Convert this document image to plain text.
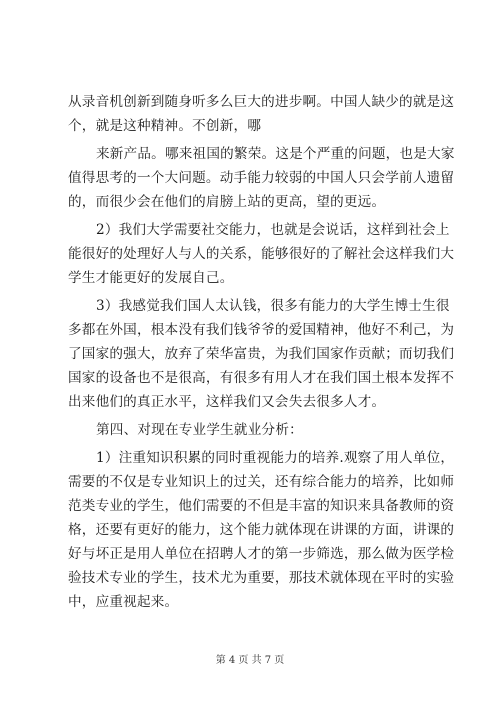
从录音机创新到随身听多么巨大的进步啊。中国人缺少的就是这
个，就是这种精神。不创新，哪
来新产品。哪来祖国的繁荣。这是个严重的问题，也是大家
值得思考的一个大问题。动手能力较弱的中国人只会学前人遗留
的，而很少会在他们的肩膀上站的更高，望的更远。
2）我们大学需要社交能力，也就是会说话，这样到社会上
能很好的处理好人与人的关系，能够很好的了解社会这样我们大
学生才能更好的发展自己。
3）我感觉我们国人太认钱，很多有能力的大学生博士生很
多都在外国，根本没有我们钱爷爷的爱国精神，他好不利己，为
了国家的强大，放弃了荣华富贵，为我们国家作贡献；而切我们
国家的设备也不是很高，有很多有用人才在我们国土根本发挥不
出来他们的真正水平，这样我们又会失去很多人才。
第四、对现在专业学生就业分析：
1）注重知识积累的同时重视能力的培养.观察了用人单位，
需要的不仅是专业知识上的过关，还有综合能力的培养，比如师
范类专业的学生，他们需要的不但是丰富的知识来具备教师的资
格，还要有更好的能力，这个能力就体现在讲课的方面，讲课的
好与坏正是用人单位在招聘人才的第一步筛选，那么做为医学检
验技术专业的学生，技术尤为重要，那技术就体现在平时的实验
中，应重视起来。
第 4 页 共 7 页
